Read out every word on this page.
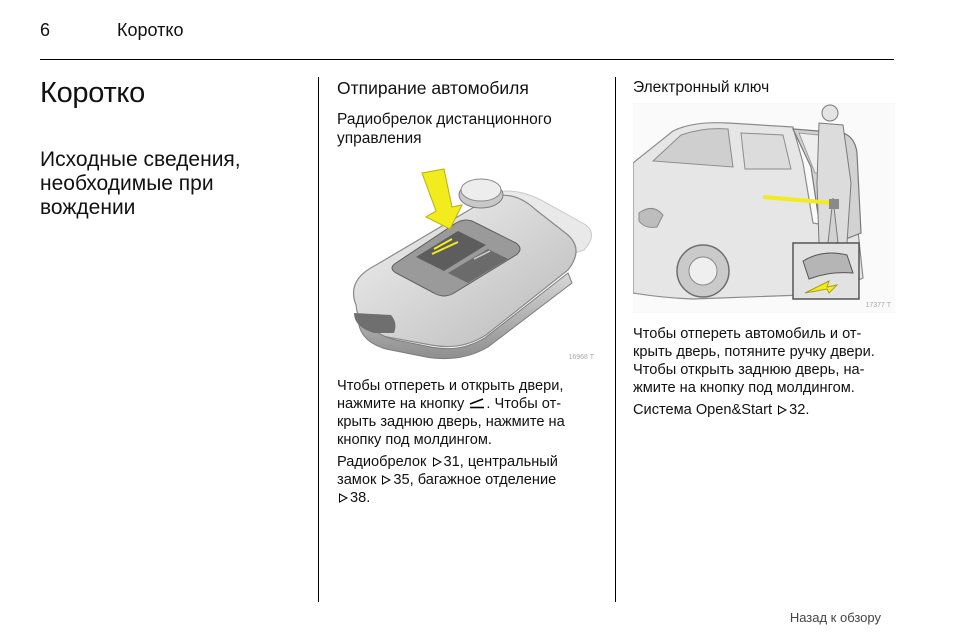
6	Коротко
Коротко
Исходные сведения, необходимые при вождении
Отпирание автомобиля
Радиобрелок дистанционного управления
16968 T

Чтобы отпереть и открыть двери,
нажмите на кнопку . Чтобы от-
крыть заднюю дверь, нажмите на
кнопку под молдингом.

Радиобрелок 31, центральный
замок 35, багажное отделение
38.

Электронный ключ
17377 T

Чтобы отпереть автомобиль и от-
крыть дверь, потяните ручку двери.
Чтобы открыть заднюю дверь, на-
жмите на кнопку под молдингом.

Система Open&Start 32.

Назад к обзору
